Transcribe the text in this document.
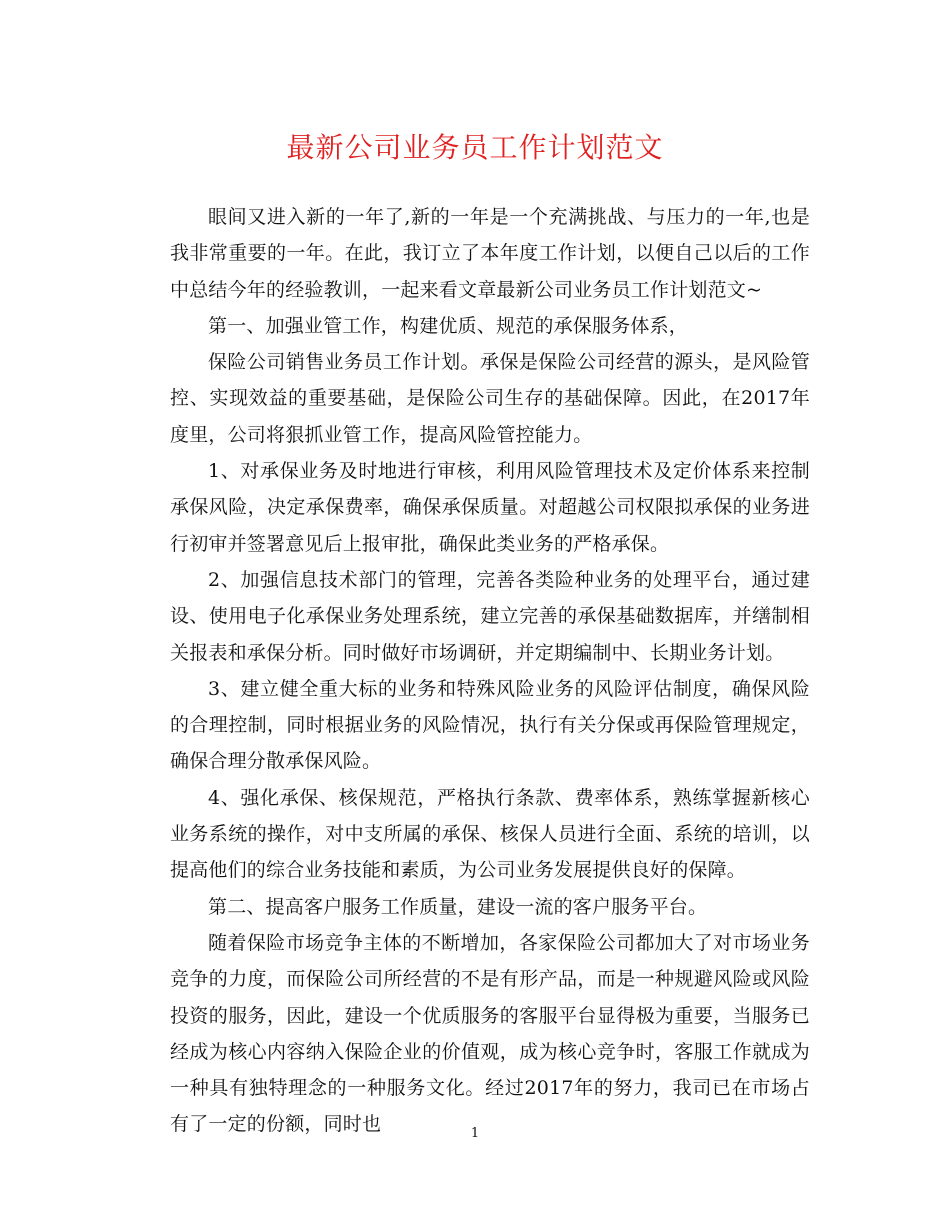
最新公司业务员工作计划范文

眼间又进入新的一年了,新的一年是一个充满挑战、与压力的一年,也是我非常重要的一年。在此，我订立了本年度工作计划，以便自己以后的工作中总结今年的经验教训，一起来看文章最新公司业务员工作计划范文~

第一、加强业管工作，构建优质、规范的承保服务体系，

保险公司销售业务员工作计划。承保是保险公司经营的源头，是风险管控、实现效益的重要基础，是保险公司生存的基础保障。因此，在2017年度里，公司将狠抓业管工作，提高风险管控能力。

1、对承保业务及时地进行审核，利用风险管理技术及定价体系来控制承保风险，决定承保费率，确保承保质量。对超越公司权限拟承保的业务进行初审并签署意见后上报审批，确保此类业务的严格承保。

2、加强信息技术部门的管理，完善各类险种业务的处理平台，通过建设、使用电子化承保业务处理系统，建立完善的承保基础数据库，并缮制相关报表和承保分析。同时做好市场调研，并定期编制中、长期业务计划。

3、建立健全重大标的业务和特殊风险业务的风险评估制度，确保风险的合理控制，同时根据业务的风险情况，执行有关分保或再保险管理规定，确保合理分散承保风险。

4、强化承保、核保规范，严格执行条款、费率体系，熟练掌握新核心业务系统的操作，对中支所属的承保、核保人员进行全面、系统的培训，以提高他们的综合业务技能和素质，为公司业务发展提供良好的保障。

第二、提高客户服务工作质量，建设一流的客户服务平台。

随着保险市场竞争主体的不断增加，各家保险公司都加大了对市场业务竞争的力度，而保险公司所经营的不是有形产品，而是一种规避风险或风险投资的服务，因此，建设一个优质服务的客服平台显得极为重要，当服务已经成为核心内容纳入保险企业的价值观，成为核心竞争时，客服工作就成为一种具有独特理念的一种服务文化。经过2017年的努力，我司已在市场占有了一定的份额，同时也	1
